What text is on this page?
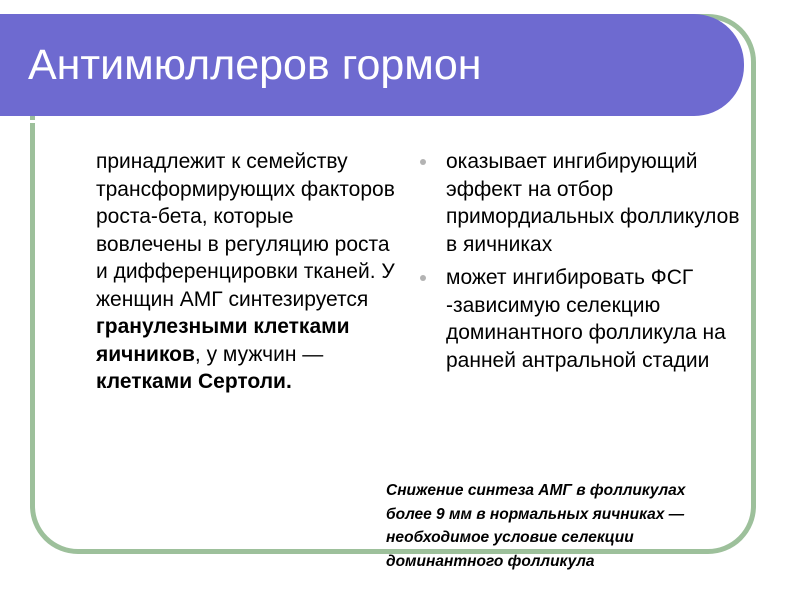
Антимюллеров гормон

принадлежит к семейству трансформирующих факторов роста-бета, которые вовлечены в регуляцию роста и дифференцировки тканей. У женщин АМГ синтезируется гранулезными клетками яичников, у мужчин — клетками Сертоли.

оказывает ингибирующий эффект на отбор примордиальных фолликулов в яичниках
может ингибировать ФСГ -зависимую селекцию доминантного фолликула на ранней антральной стадии

Снижение синтеза АМГ в фолликулах более 9 мм в нормальных яичниках — необходимое условие селекции доминантного фолликула
